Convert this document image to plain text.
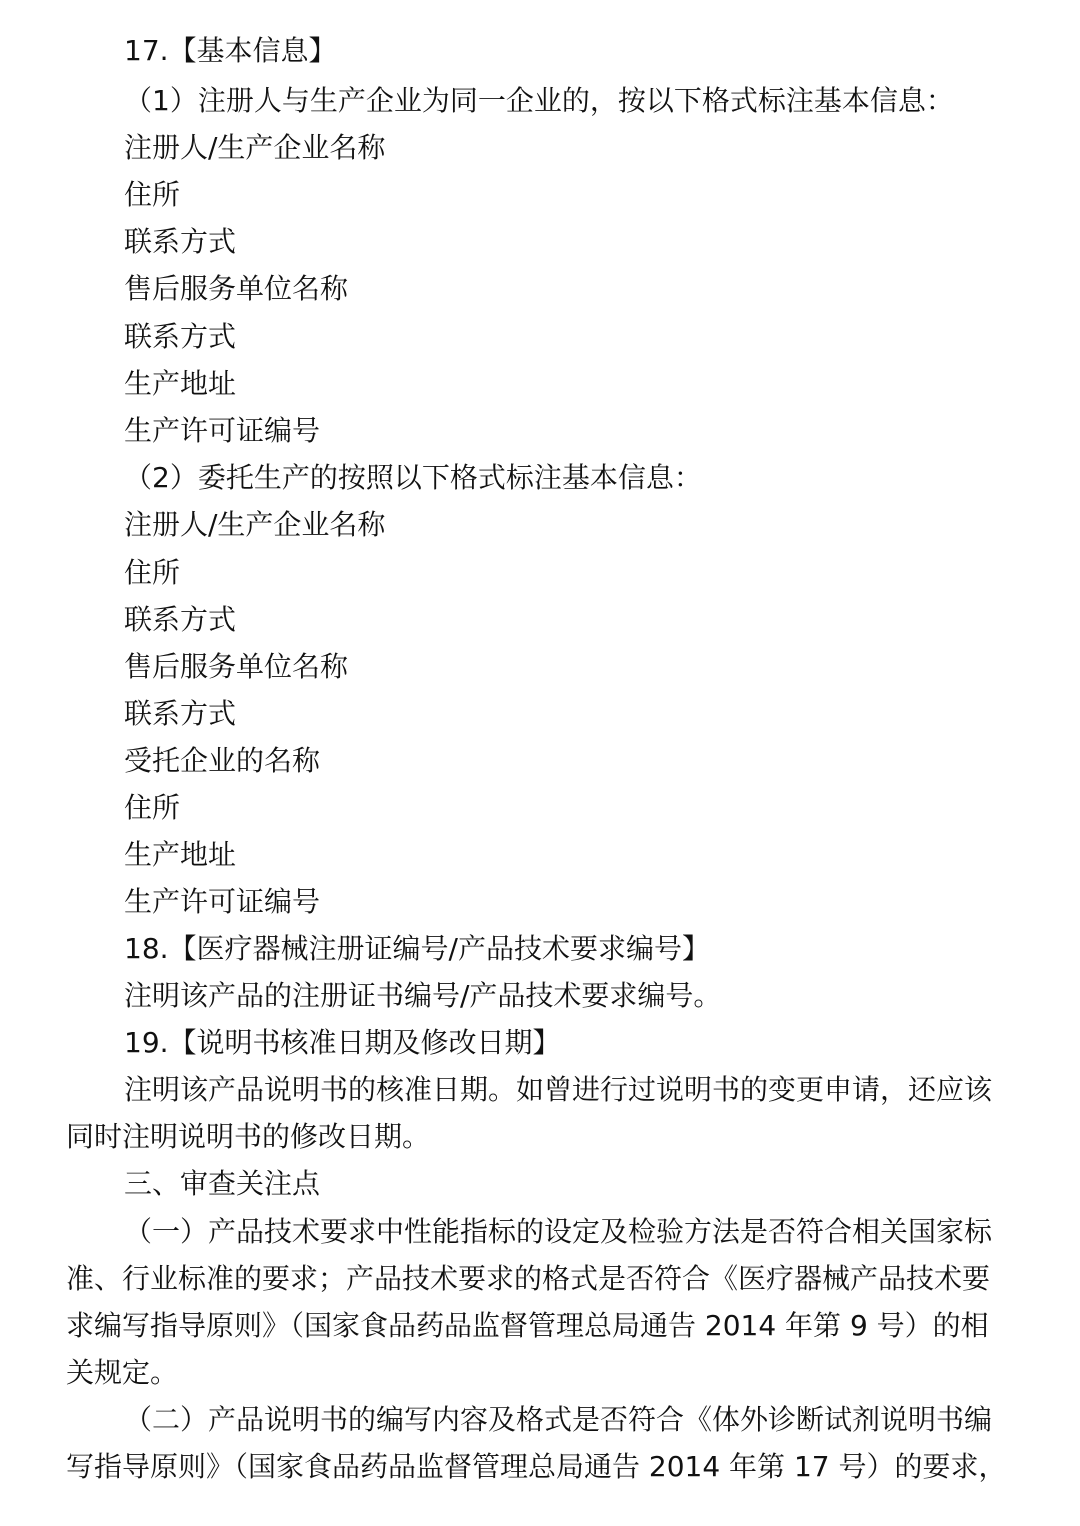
17.【基本信息】
（1）注册人与生产企业为同一企业的，按以下格式标注基本信息：
注册人/生产企业名称
住所
联系方式
售后服务单位名称
联系方式
生产地址
生产许可证编号
（2）委托生产的按照以下格式标注基本信息：
注册人/生产企业名称
住所
联系方式
售后服务单位名称
联系方式
受托企业的名称
住所
生产地址
生产许可证编号
18.【医疗器械注册证编号/产品技术要求编号】
注明该产品的注册证书编号/产品技术要求编号。
19.【说明书核准日期及修改日期】
注明该产品说明书的核准日期。如曾进行过说明书的变更申请，还应该
同时注明说明书的修改日期。
三、审查关注点
（一）产品技术要求中性能指标的设定及检验方法是否符合相关国家标
准、行业标准的要求；产品技术要求的格式是否符合《医疗器械产品技术要
求编写指导原则》（国家食品药品监督管理总局通告 2014 年第 9 号）的相
关规定。
（二）产品说明书的编写内容及格式是否符合《体外诊断试剂说明书编
写指导原则》（国家食品药品监督管理总局通告 2014 年第 17 号）的要求，
